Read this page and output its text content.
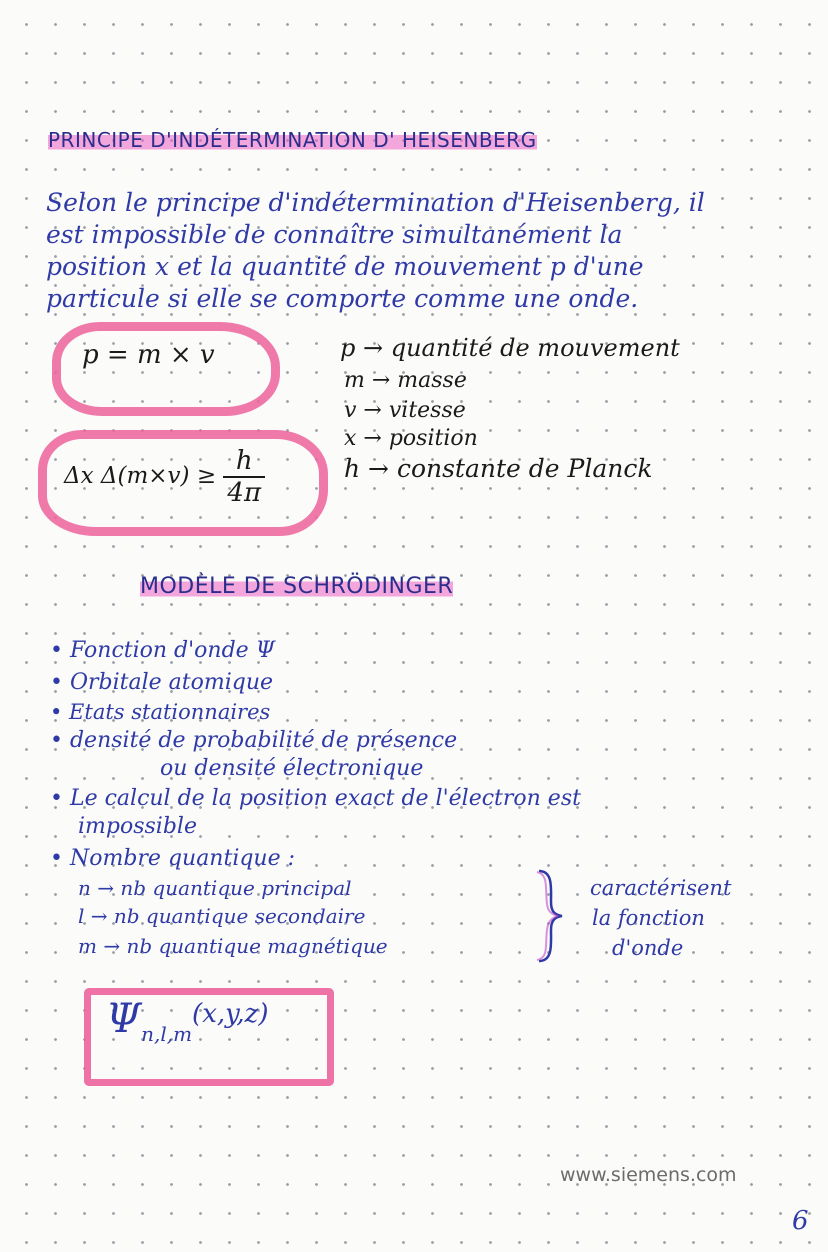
PRINCIPE D'INDÉTERMINATION D' HEISENBERG
Selon le principe d'indétermination d'Heisenberg, il
est impossible de connaître simultanément la
position x et la quantité de mouvement p d'une
particule si elle se comporte comme une onde.
p = m × v
Δx $\Delta(m\times v) \ge \frac{h}{4\pi}$
p → quantité de mouvement
m → masse
v → vitesse
x → position
h → constante de Planck
MODÈLE DE SCHRÖDINGER
• Fonction d'onde Ψ
• Orbitale atomique
• Etats stationnaires
• densité de probabilité de présence
ou densité électronique
• Le calcul de la position exact de l'électron est
impossible
• Nombre quantique :
n → nb quantique principal
l → nb quantique secondaire
m → nb quantique magnétique
caractérisent
la fonction
d'onde
$\Psi_{n,l,m}^{(x,y,z)}$
www.siemens.com
6
